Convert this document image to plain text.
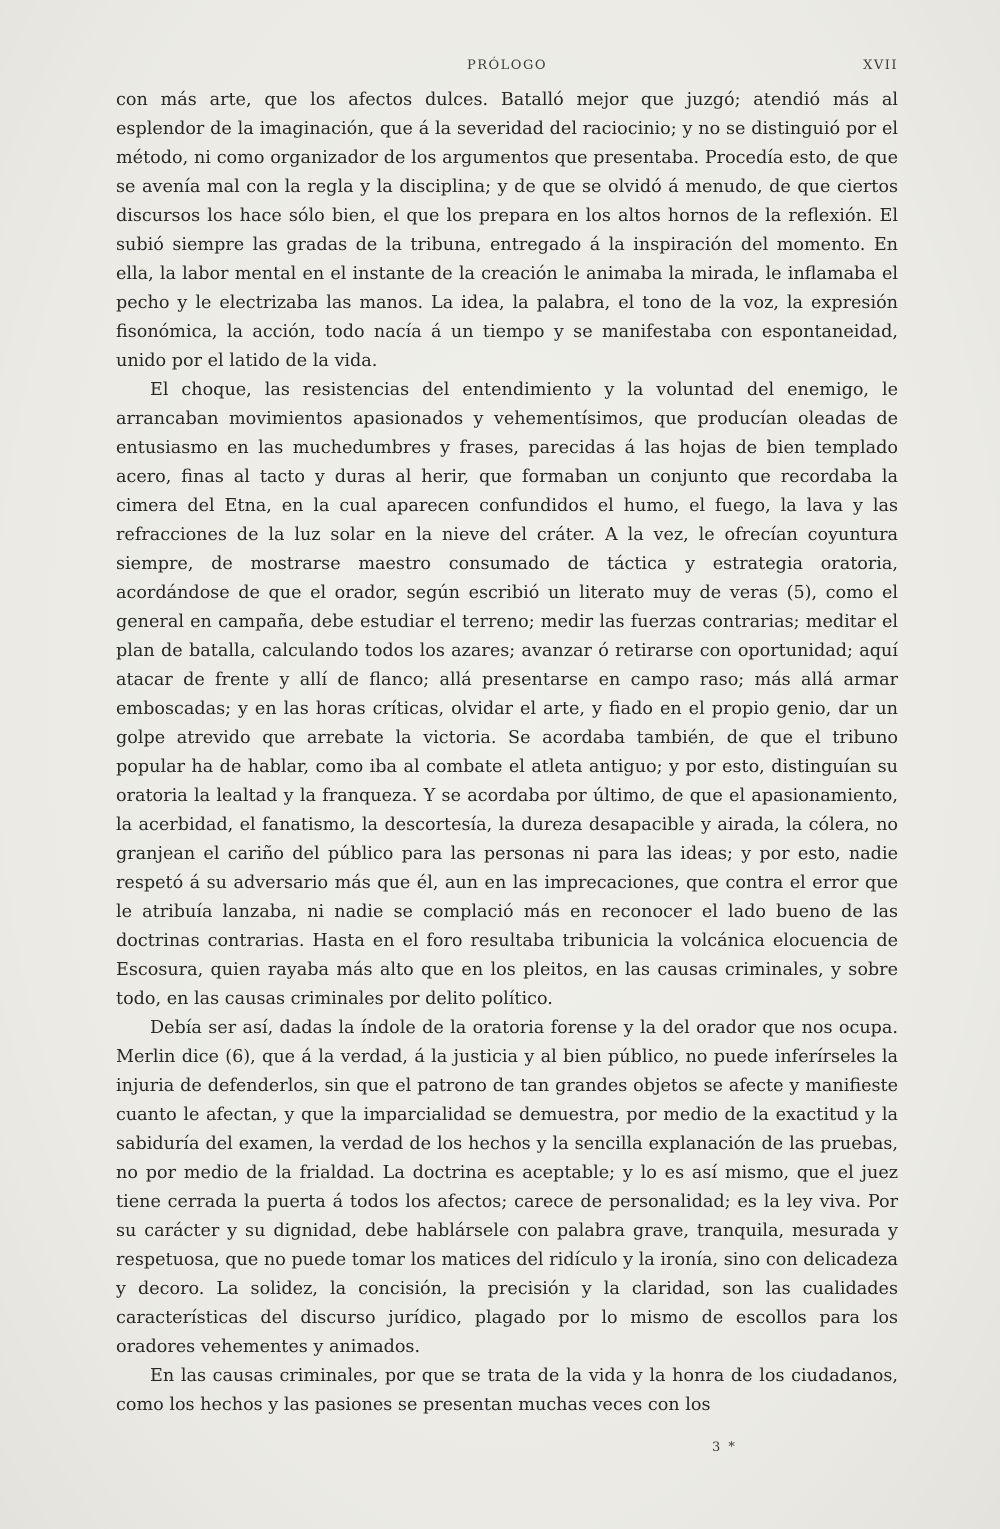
PRÓLOGO	XVII

con más arte, que los afectos dulces. Batalló mejor que juzgó; atendió más al esplendor de la imaginación, que á la severidad del raciocinio; y no se distinguió por el método, ni como organizador de los argumentos que presentaba. Procedía esto, de que se avenía mal con la regla y la disciplina; y de que se olvidó á menudo, de que ciertos discursos los hace sólo bien, el que los prepara en los altos hornos de la reflexión. El subió siempre las gradas de la tribuna, entregado á la inspiración del momento. En ella, la labor mental en el instante de la creación le animaba la mirada, le inflamaba el pecho y le electrizaba las manos. La idea, la palabra, el tono de la voz, la expresión fisonómica, la acción, todo nacía á un tiempo y se manifestaba con espontaneidad, unido por el latido de la vida.

El choque, las resistencias del entendimiento y la voluntad del enemigo, le arrancaban movimientos apasionados y vehementísimos, que producían oleadas de entusiasmo en las muchedumbres y frases, parecidas á las hojas de bien templado acero, finas al tacto y duras al herir, que formaban un conjunto que recordaba la cimera del Etna, en la cual aparecen confundidos el humo, el fuego, la lava y las refracciones de la luz solar en la nieve del cráter. A la vez, le ofrecían coyuntura siempre, de mostrarse maestro consumado de táctica y estrategia oratoria, acordándose de que el orador, según escribió un literato muy de veras (5), como el general en campaña, debe estudiar el terreno; medir las fuerzas contrarias; meditar el plan de batalla, calculando todos los azares; avanzar ó retirarse con oportunidad; aquí atacar de frente y allí de flanco; allá presentarse en campo raso; más allá armar emboscadas; y en las horas críticas, olvidar el arte, y fiado en el propio genio, dar un golpe atrevido que arrebate la victoria. Se acordaba también, de que el tribuno popular ha de hablar, como iba al combate el atleta antiguo; y por esto, distinguían su oratoria la lealtad y la franqueza. Y se acordaba por último, de que el apasionamiento, la acerbidad, el fanatismo, la descortesía, la dureza desapacible y airada, la cólera, no granjean el cariño del público para las personas ni para las ideas; y por esto, nadie respetó á su adversario más que él, aun en las imprecaciones, que contra el error que le atribuía lanzaba, ni nadie se complació más en reconocer el lado bueno de las doctrinas contrarias. Hasta en el foro resultaba tribunicia la volcánica elocuencia de Escosura, quien rayaba más alto que en los pleitos, en las causas criminales, y sobre todo, en las causas criminales por delito político.

Debía ser así, dadas la índole de la oratoria forense y la del orador que nos ocupa. Merlin dice (6), que á la verdad, á la justicia y al bien público, no puede inferírseles la injuria de defenderlos, sin que el patrono de tan grandes objetos se afecte y manifieste cuanto le afectan, y que la imparcialidad se demuestra, por medio de la exactitud y la sabiduría del examen, la verdad de los hechos y la sencilla explanación de las pruebas, no por medio de la frialdad. La doctrina es aceptable; y lo es así mismo, que el juez tiene cerrada la puerta á todos los afectos; carece de personalidad; es la ley viva. Por su carácter y su dignidad, debe hablársele con palabra grave, tranquila, mesurada y respetuosa, que no puede tomar los matices del ridículo y la ironía, sino con delicadeza y decoro. La solidez, la concisión, la precisión y la claridad, son las cualidades características del discurso jurídico, plagado por lo mismo de escollos para los oradores vehementes y animados.

En las causas criminales, por que se trata de la vida y la honra de los ciudadanos, como los hechos y las pasiones se presentan muchas veces con los

3 *
